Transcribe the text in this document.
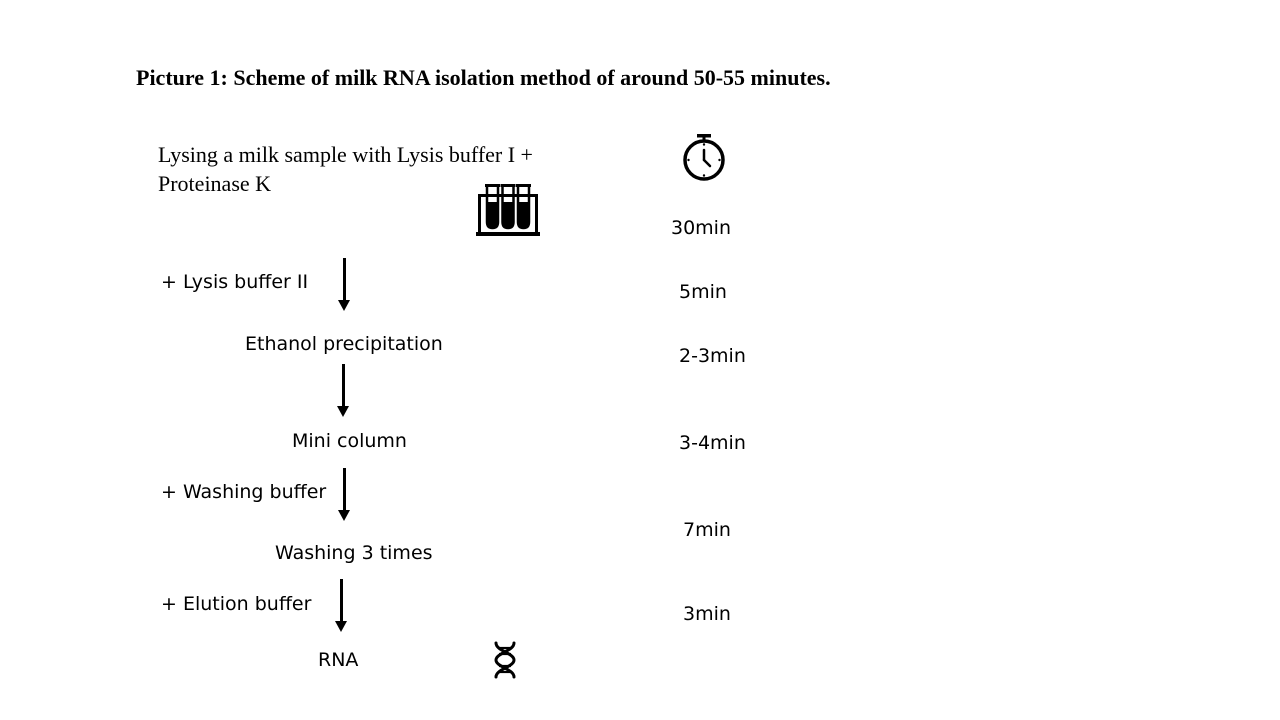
Picture 1: Scheme of milk RNA isolation method of around 50-55 minutes.
Lysing a milk sample with Lysis buffer I + Proteinase K
+ Lysis buffer II
Ethanol precipitation
Mini column
+ Washing buffer
Washing 3 times
+ Elution buffer
RNA
30min
5min
2-3min
3-4min
7min
3min
